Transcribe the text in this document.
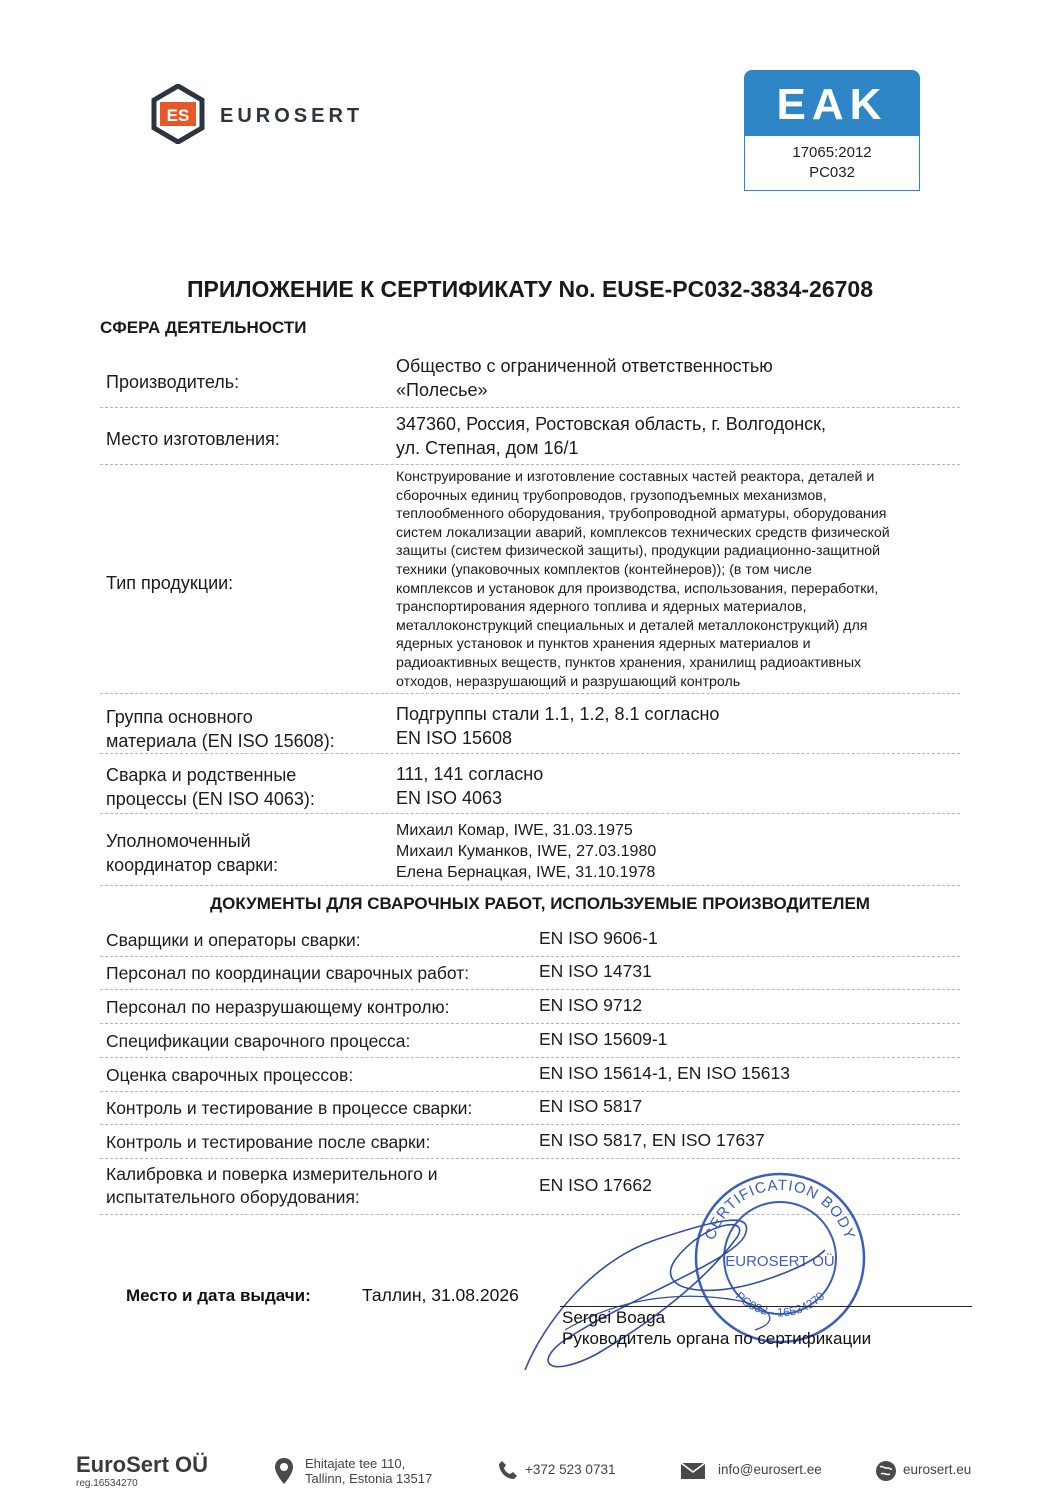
ES EUROSERT	EAK
17065:2012
PC032
ПРИЛОЖЕНИЕ К СЕРТИФИКАТУ No. EUSE-PC032-3834-26708
СФЕРА ДЕЯТЕЛЬНОСТИ
Производитель:
Общество с ограниченной ответственностью
«Полесье»
Место изготовления:
347360, Россия, Ростовская область, г. Волгодонск,
ул. Степная, дом 16/1
Тип продукции:
Конструирование и изготовление составных частей реактора, деталей и
сборочных единиц трубопроводов, грузоподъемных механизмов,
теплообменного оборудования, трубопроводной арматуры, оборудования
систем локализации аварий, комплексов технических средств физической
защиты (систем физической защиты), продукции радиационно-защитной
техники (упаковочных комплектов (контейнеров)); (в том числе
комплексов и установок для производства, использования, переработки,
транспортирования ядерного топлива и ядерных материалов,
металлоконструкций специальных и деталей металлоконструкций) для
ядерных установок и пунктов хранения ядерных материалов и
радиоактивных веществ, пунктов хранения, хранилищ радиоактивных
отходов, неразрушающий и разрушающий контроль
Группа основного
материала (EN ISO 15608):
Подгруппы стали 1.1, 1.2, 8.1 согласно
EN ISO 15608
Сварка и родственные
процессы (EN ISO 4063):
111, 141 согласно
EN ISO 4063
Уполномоченный
координатор сварки:
Михаил Комар, IWE, 31.03.1975
Михаил Куманков, IWE, 27.03.1980
Елена Бернацкая, IWE, 31.10.1978
ДОКУМЕНТЫ ДЛЯ СВАРОЧНЫХ РАБОТ, ИСПОЛЬЗУЕМЫЕ ПРОИЗВОДИТЕЛЕМ
Сварщики и операторы сварки:	EN ISO 9606-1
Персонал по координации сварочных работ:	EN ISO 14731
Персонал по неразрушающему контролю:	EN ISO 9712
Спецификации сварочного процесса:	EN ISO 15609-1
Оценка сварочных процессов:	EN ISO 15614-1, EN ISO 15613
Контроль и тестирование в процессе сварки:	EN ISO 5817
Контроль и тестирование после сварки:	EN ISO 5817, EN ISO 17637
Калибровка и поверка измерительного и
испытательного оборудования:
EN ISO 17662
CERTIFICATION BODY
PC032 · 16534270
EUROSERT OÜ
Место и дата выдачи:	Таллин, 31.08.2026
Sergei Boaga
Руководитель органа по сертификации
EuroSert OÜ
reg.16534270
Ehitajate tee 110,
Tallinn, Estonia 13517
+372 523 0731	info@eurosert.ee	eurosert.eu
